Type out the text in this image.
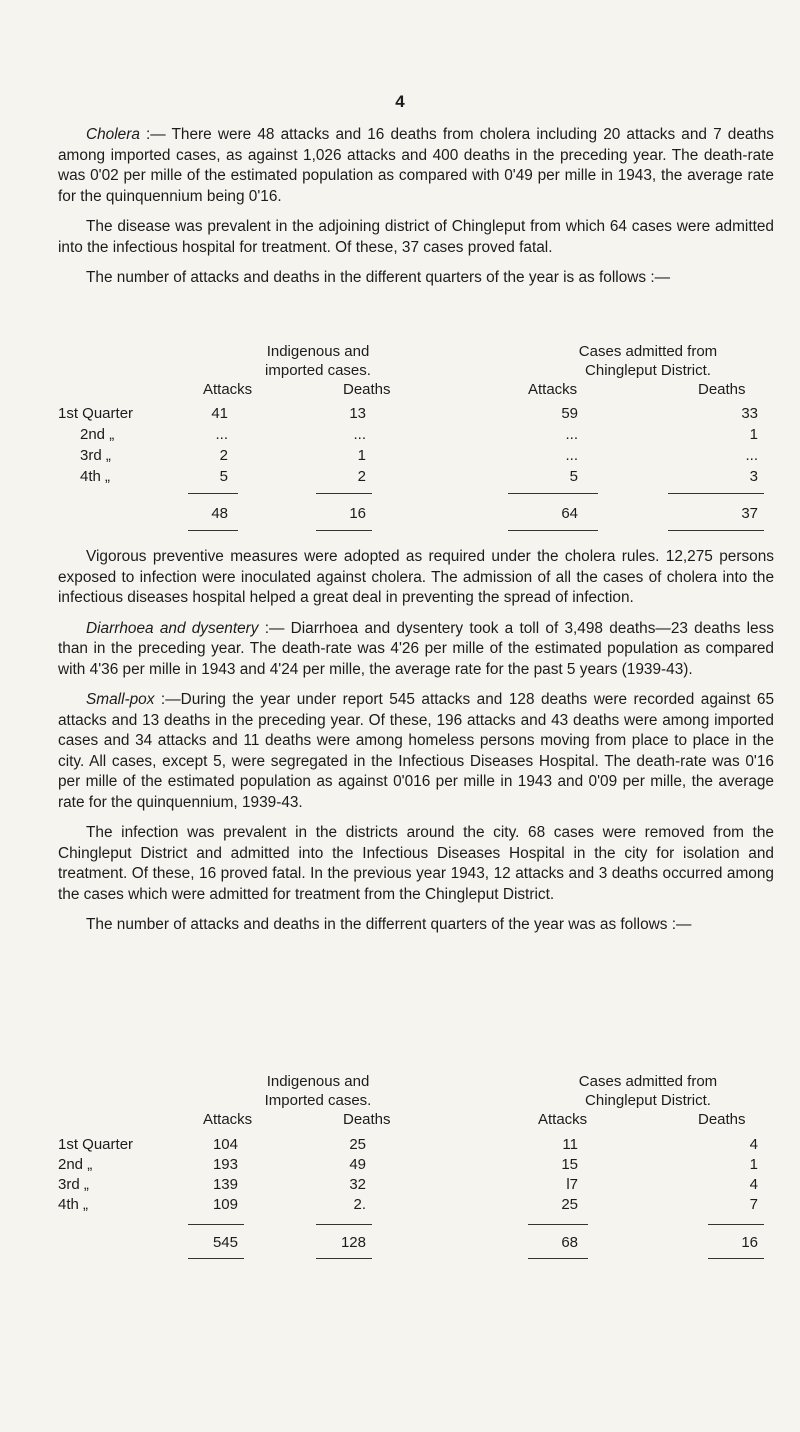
4

Cholera :— There were 48 attacks and 16 deaths from cholera including 20 attacks and 7 deaths among imported cases, as against 1,026 attacks and 400 deaths in the preceding year. The death-rate was 0'02 per mille of the estimated population as compared with 0'49 per mille in 1943, the average rate for the quinquennium being 0'16.

The disease was prevalent in the adjoining district of Chingleput from which 64 cases were admitted into the infectious hospital for treatment. Of these, 37 cases proved fatal.

The number of attacks and deaths in the different quarters of the year is as follows :—

Indigenous and
imported cases.
Cases admitted from
Chingleput District.
Attacks	Deaths	Attacks	Deaths
1st Quarter	41	13	59	33
2nd „	...	...	...	1
3rd „	2	1	...	...
4th „	5	2	5	3
48	16	64	37

Vigorous preventive measures were adopted as required under the cholera rules. 12,275 persons exposed to infection were inoculated against cholera. The admission of all the cases of cholera into the infectious diseases hospital helped a great deal in preventing the spread of infection.

Diarrhoea and dysentery :— Diarrhoea and dysentery took a toll of 3,498 deaths—23 deaths less than in the preceding year. The death-rate was 4'26 per mille of the estimated population as compared with 4'36 per mille in 1943 and 4'24 per mille, the average rate for the past 5 years (1939-43).

Small-pox :—During the year under report 545 attacks and 128 deaths were recorded against 65 attacks and 13 deaths in the preceding year. Of these, 196 attacks and 43 deaths were among imported cases and 34 attacks and 11 deaths were among homeless persons moving from place to place in the city. All cases, except 5, were segregated in the Infectious Diseases Hospital. The death-rate was 0'16 per mille of the estimated population as against 0'016 per mille in 1943 and 0'09 per mille, the average rate for the quinquennium, 1939-43.

The infection was prevalent in the districts around the city. 68 cases were removed from the Chingleput District and admitted into the Infectious Diseases Hospital in the city for isolation and treatment. Of these, 16 proved fatal. In the previous year 1943, 12 attacks and 3 deaths occurred among the cases which were admitted for treatment from the Chingleput District.

The number of attacks and deaths in the differrent quarters of the year was as follows :—

Indigenous and
Imported cases.
Cases admitted from
Chingleput District.
Attacks	Deaths	Attacks	Deaths
1st Quarter	104	25	11	4
2nd „	193	49	15	1
3rd „	139	32	l7	4
4th „	109	2.	25	7
545	128	68	16
